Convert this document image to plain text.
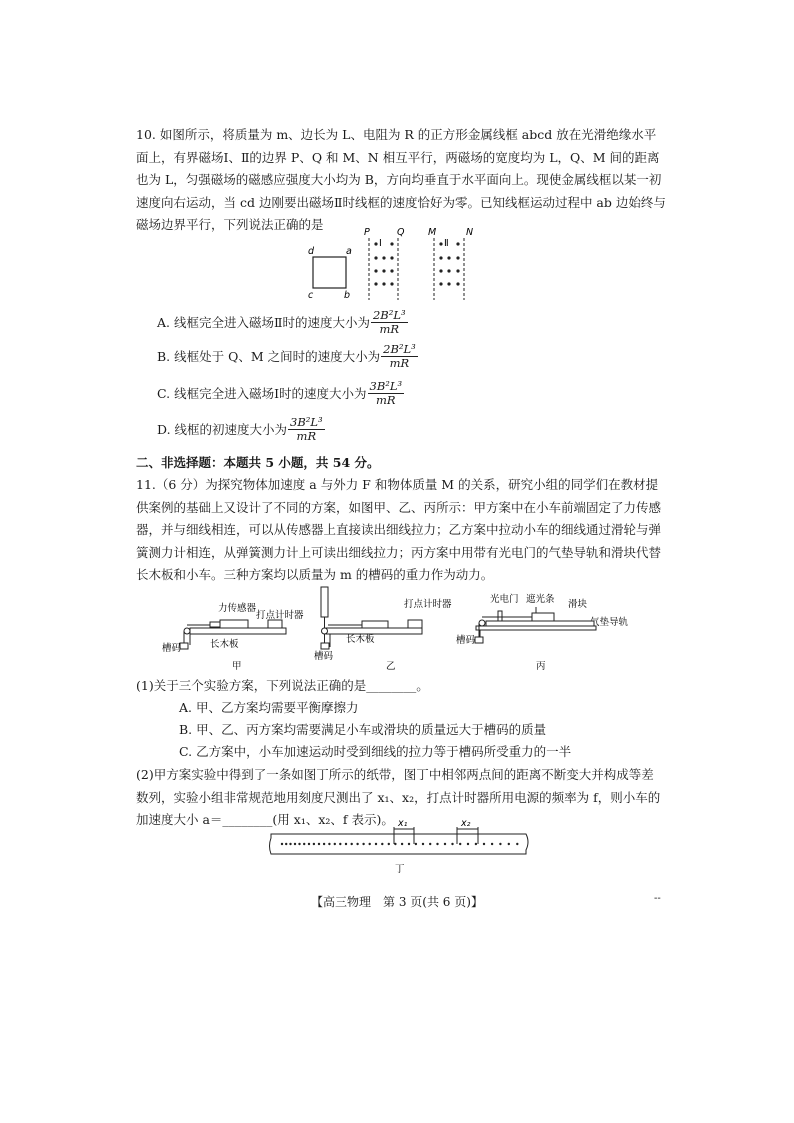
10. 如图所示，将质量为 m、边长为 L、电阻为 R 的正方形金属线框 abcd 放在光滑绝缘水平面上，有界磁场Ⅰ、Ⅱ的边界 P、Q 和 M、N 相互平行，两磁场的宽度均为 L，Q、M 间的距离也为 L，匀强磁场的磁感应强度大小均为 B，方向均垂直于水平面向上。现使金属线框以某一初速度向右运动，当 cd 边刚要出磁场Ⅱ时线框的速度恰好为零。已知线框运动过程中 ab 边始终与磁场边界平行，下列说法正确的是
d	a
c	b
P	Q
Ⅰ
M	N
Ⅱ
A. 线框完全进入磁场Ⅱ时的速度大小为 $\frac{\text{2B²L³}}{mR}$
B. 线框处于 Q、M 之间时的速度大小为 $\frac{\text{2B²L³}}{mR}$
C. 线框完全进入磁场Ⅰ时的速度大小为 $\frac{\text{3B²L³}}{mR}$
D. 线框的初速度大小为 $\frac{\text{3B²L³}}{mR}$
二、非选择题：本题共 5 小题，共 54 分。
11.（6 分）为探究物体加速度 a 与外力 F 和物体质量 M 的关系，研究小组的同学们在教材提供案例的基础上又设计了不同的方案，如图甲、乙、丙所示：甲方案中在小车前端固定了力传感器，并与细线相连，可以从传感器上直接读出细线拉力；乙方案中拉动小车的细线通过滑轮与弹簧测力计相连，从弹簧测力计上可读出细线拉力；丙方案中用带有光电门的气垫导轨和滑块代替长木板和小车。三种方案均以质量为 m 的槽码的重力作为动力。
力传感器
打点计时器
长木板
槽码
甲
打点计时器
长木板
槽码
乙
光电门 遮光条 滑块
气垫导轨
槽码
丙
(1)关于三个实验方案，下列说法正确的是________。
A. 甲、乙方案均需要平衡摩擦力
B. 甲、乙、丙方案均需要满足小车或滑块的质量远大于槽码的质量
C. 乙方案中，小车加速运动时受到细线的拉力等于槽码所受重力的一半
(2)甲方案实验中得到了一条如图丁所示的纸带，图丁中相邻两点间的距离不断变大并构成等差数列，实验小组非常规范地用刻度尺测出了 x₁、x₂，打点计时器所用电源的频率为 f，则小车的加速度大小 a＝________(用 x₁、x₂、f 表示)。 x₁	x₂
丁
【高三物理　第 3 页(共 6 页)】	--
